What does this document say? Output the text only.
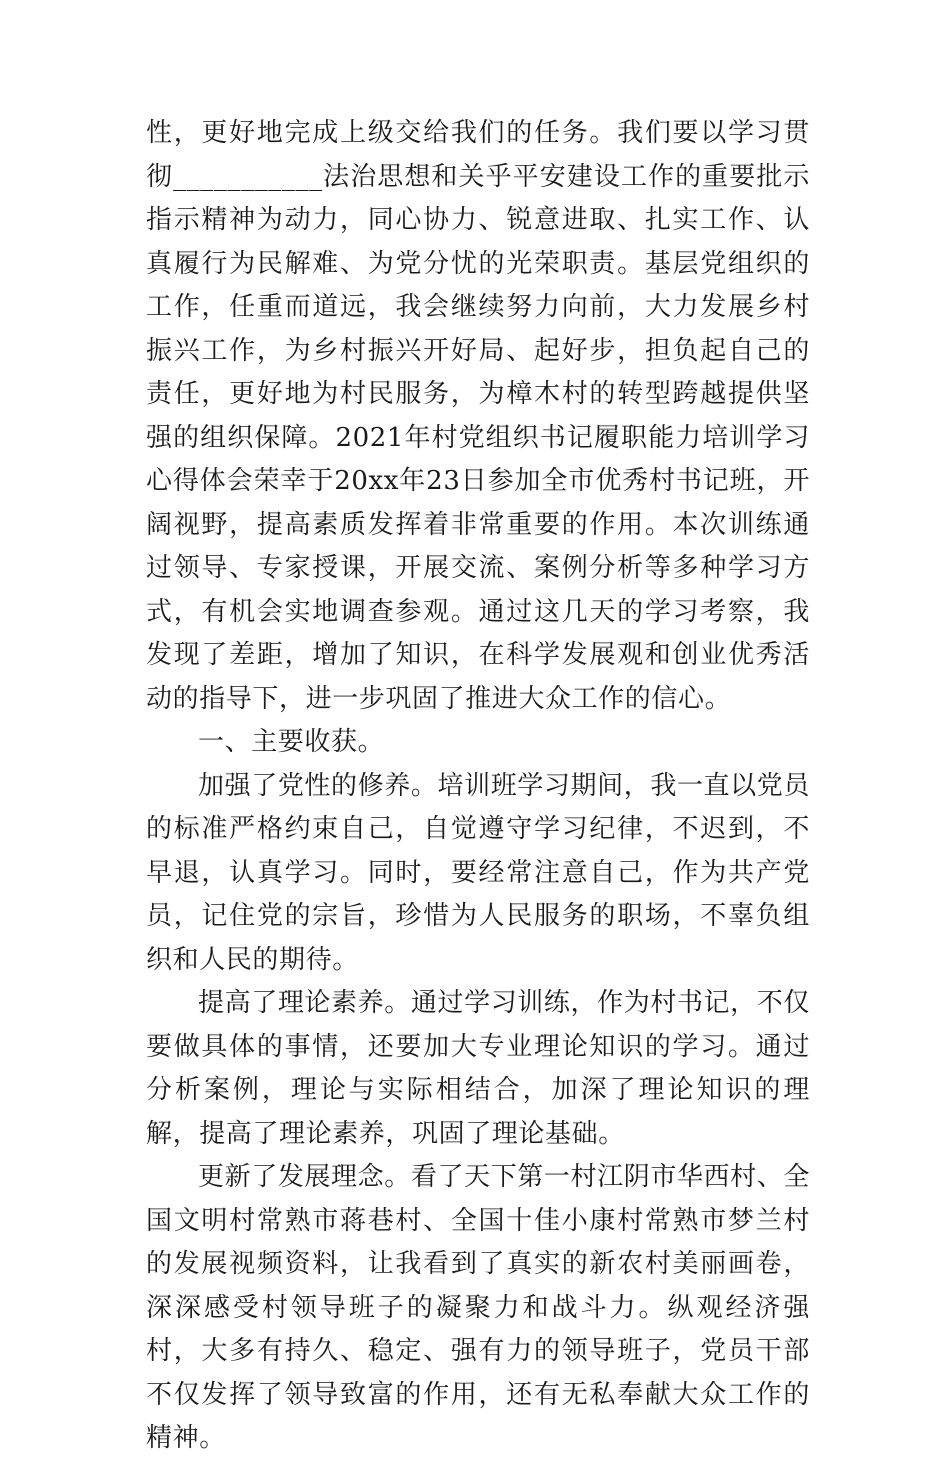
性，更好地完成上级交给我们的任务。我们要以学习贯彻___________法治思想和关乎平安建设工作的重要批示指示精神为动力，同心协力、锐意进取、扎实工作、认真履行为民解难、为党分忧的光荣职责。基层党组织的工作，任重而道远，我会继续努力向前，大力发展乡村振兴工作，为乡村振兴开好局、起好步，担负起自己的责任，更好地为村民服务，为樟木村的转型跨越提供坚强的组织保障。2021年村党组织书记履职能力培训学习心得体会荣幸于20xx年23日参加全市优秀村书记班，开阔视野，提高素质发挥着非常重要的作用。本次训练通过领导、专家授课，开展交流、案例分析等多种学习方式，有机会实地调查参观。通过这几天的学习考察，我发现了差距，增加了知识，在科学发展观和创业优秀活动的指导下，进一步巩固了推进大众工作的信心。

一、主要收获。

加强了党性的修养。培训班学习期间，我一直以党员的标准严格约束自己，自觉遵守学习纪律，不迟到，不早退，认真学习。同时，要经常注意自己，作为共产党员，记住党的宗旨，珍惜为人民服务的职场，不辜负组织和人民的期待。

提高了理论素养。通过学习训练，作为村书记，不仅要做具体的事情，还要加大专业理论知识的学习。通过分析案例，理论与实际相结合，加深了理论知识的理解，提高了理论素养，巩固了理论基础。

更新了发展理念。看了天下第一村江阴市华西村、全国文明村常熟市蒋巷村、全国十佳小康村常熟市梦兰村的发展视频资料，让我看到了真实的新农村美丽画卷，深深感受村领导班子的凝聚力和战斗力。纵观经济强村，大多有持久、稳定、强有力的领导班子，党员干部不仅发挥了领导致富的作用，还有无私奉献大众工作的精神。
